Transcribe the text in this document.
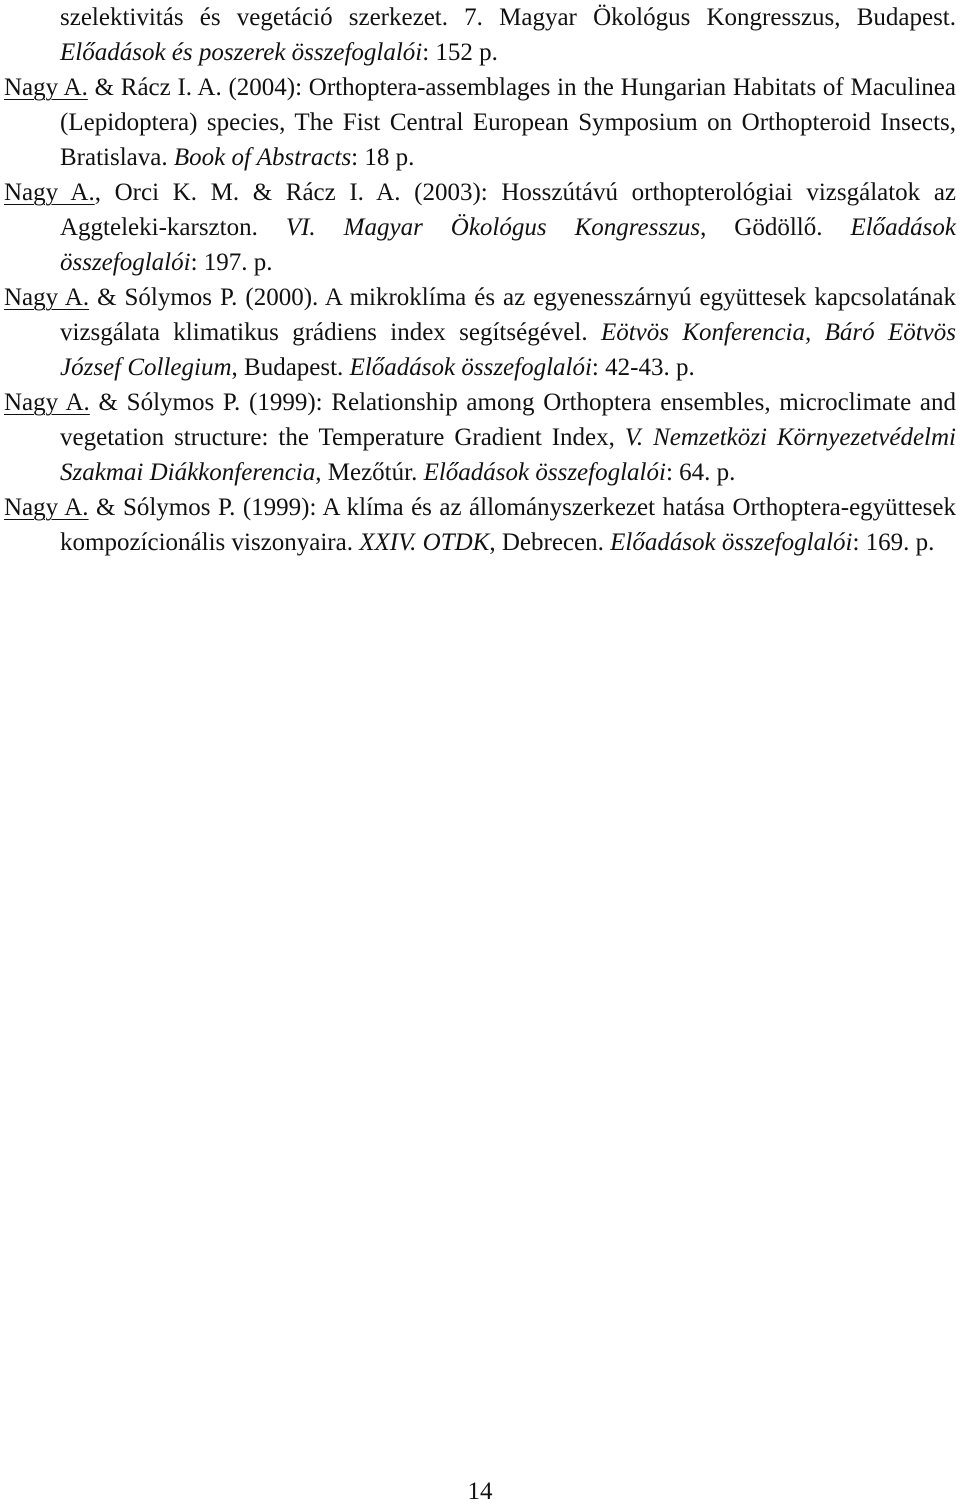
szelektivitás és vegetáció szerkezet. 7. Magyar Ökológus Kongresszus, Budapest. Előadások és poszerek összefoglalói: 152 p.

Nagy A. & Rácz I. A. (2004): Orthoptera-assemblages in the Hungarian Habitats of Maculinea (Lepidoptera) species, The Fist Central European Symposium on Orthopteroid Insects, Bratislava. Book of Abstracts: 18 p.

Nagy A., Orci K. M. & Rácz I. A. (2003): Hosszútávú orthopterológiai vizsgálatok az Aggteleki-karszton. VI. Magyar Ökológus Kongresszus, Gödöllő. Előadások összefoglalói: 197. p.

Nagy A. & Sólymos P. (2000). A mikroklíma és az egyenesszárnyú együttesek kapcsolatának vizsgálata klimatikus grádiens index segítségével. Eötvös Konferencia, Báró Eötvös József Collegium, Budapest. Előadások összefoglalói: 42-43. p.

Nagy A. & Sólymos P. (1999): Relationship among Orthoptera ensembles, microclimate and vegetation structure: the Temperature Gradient Index, V. Nemzetközi Környezetvédelmi Szakmai Diákkonferencia, Mezőtúr. Előadások összefoglalói: 64. p.

Nagy A. & Sólymos P. (1999): A klíma és az állományszerkezet hatása Orthoptera-együttesek kompozícionális viszonyaira. XXIV. OTDK, Debrecen. Előadások összefoglalói: 169. p.

14
